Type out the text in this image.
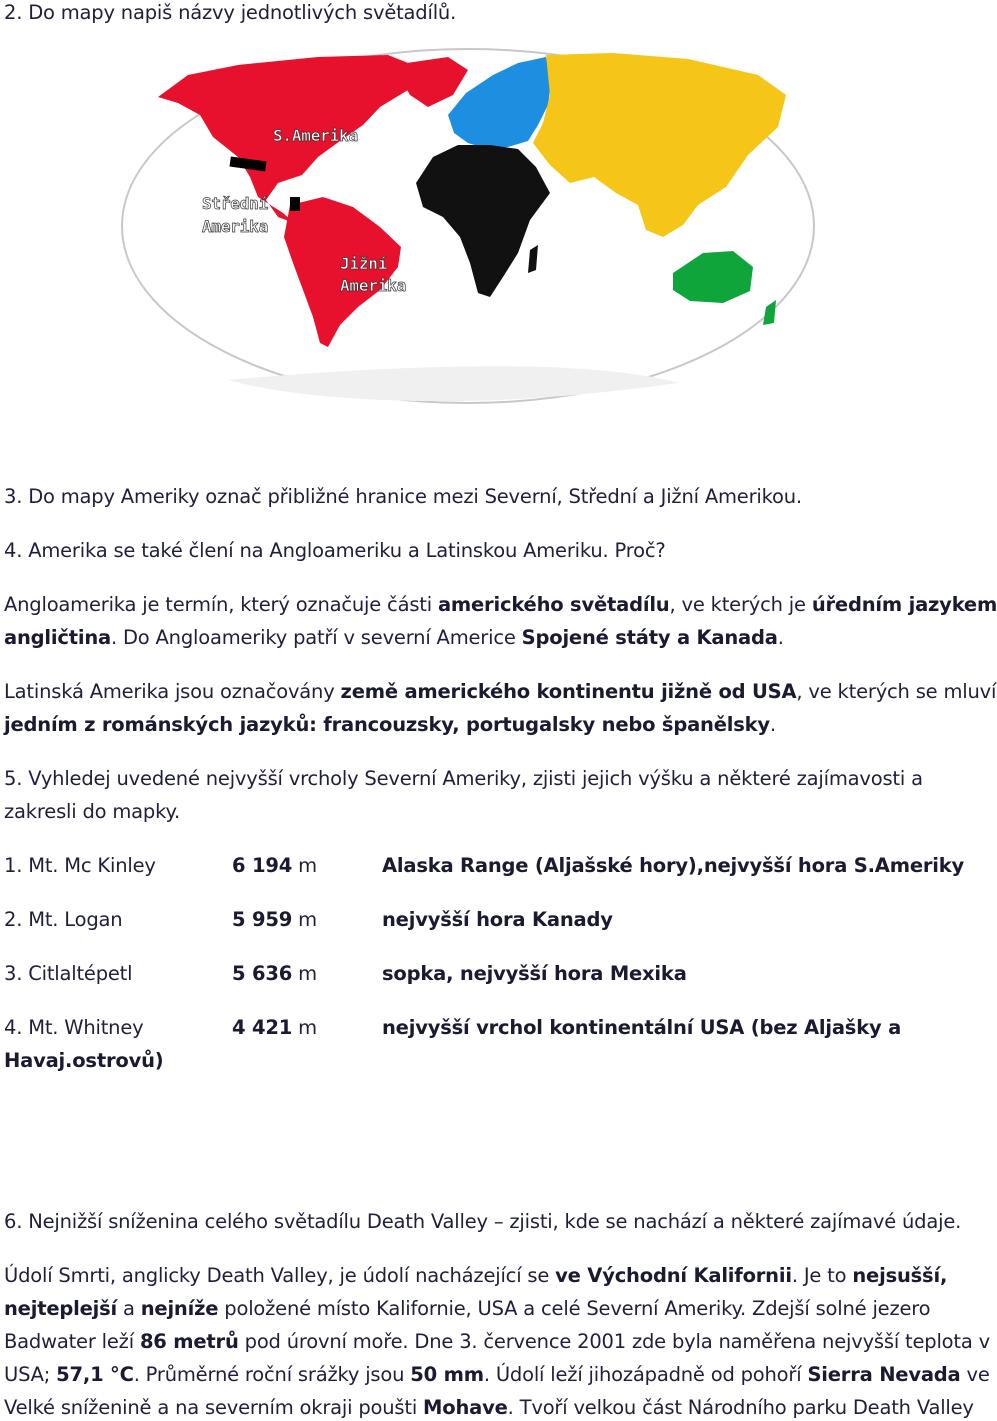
2. Do mapy napiš názvy jednotlivých světadílů.
S.Amerika
Střední
Amerika
Jižní
Amerika
3. Do mapy Ameriky označ přibližné hranice mezi Severní, Střední a Jižní Amerikou.
4. Amerika se také člení na Angloameriku a Latinskou Ameriku. Proč?
Angloamerika je termín, který označuje části amerického světadílu, ve kterých je úředním jazykem
angličtina. Do Angloameriky patří v severní Americe Spojené státy a Kanada.
Latinská Amerika jsou označovány země amerického kontinentu jižně od USA, ve kterých se mluví
jedním z románských jazyků: francouzsky, portugalsky nebo španělsky.
5. Vyhledej uvedené nejvyšší vrcholy Severní Ameriky, zjisti jejich výšku a některé zajímavosti a
zakresli do mapky.
1. Mt. Mc Kinley	6 194 m	Alaska Range (Aljašské hory),nejvyšší hora S.Ameriky
2. Mt. Logan	5 959 m	nejvyšší hora Kanady
3. Citlaltépetl	5 636 m	sopka, nejvyšší hora Mexika
4. Mt. Whitney	4 421 m	nejvyšší vrchol kontinentální USA (bez Aljašky a
Havaj.ostrovů)
6. Nejnižší sníženina celého světadílu Death Valley – zjisti, kde se nachází a některé zajímavé údaje.
Údolí Smrti, anglicky Death Valley, je údolí nacházející se ve Východní Kalifornii. Je to nejsušší,
nejteplejší a nejníže položené místo Kalifornie, USA a celé Severní Ameriky. Zdejší solné jezero
Badwater leží 86 metrů pod úrovní moře. Dne 3. července 2001 zde byla naměřena nejvyšší teplota v
USA; 57,1 °C. Průměrné roční srážky jsou 50 mm. Údolí leží jihozápadně od pohoří Sierra Nevada ve
Velké sníženině a na severním okraji poušti Mohave. Tvoří velkou část Národního parku Death Valley
